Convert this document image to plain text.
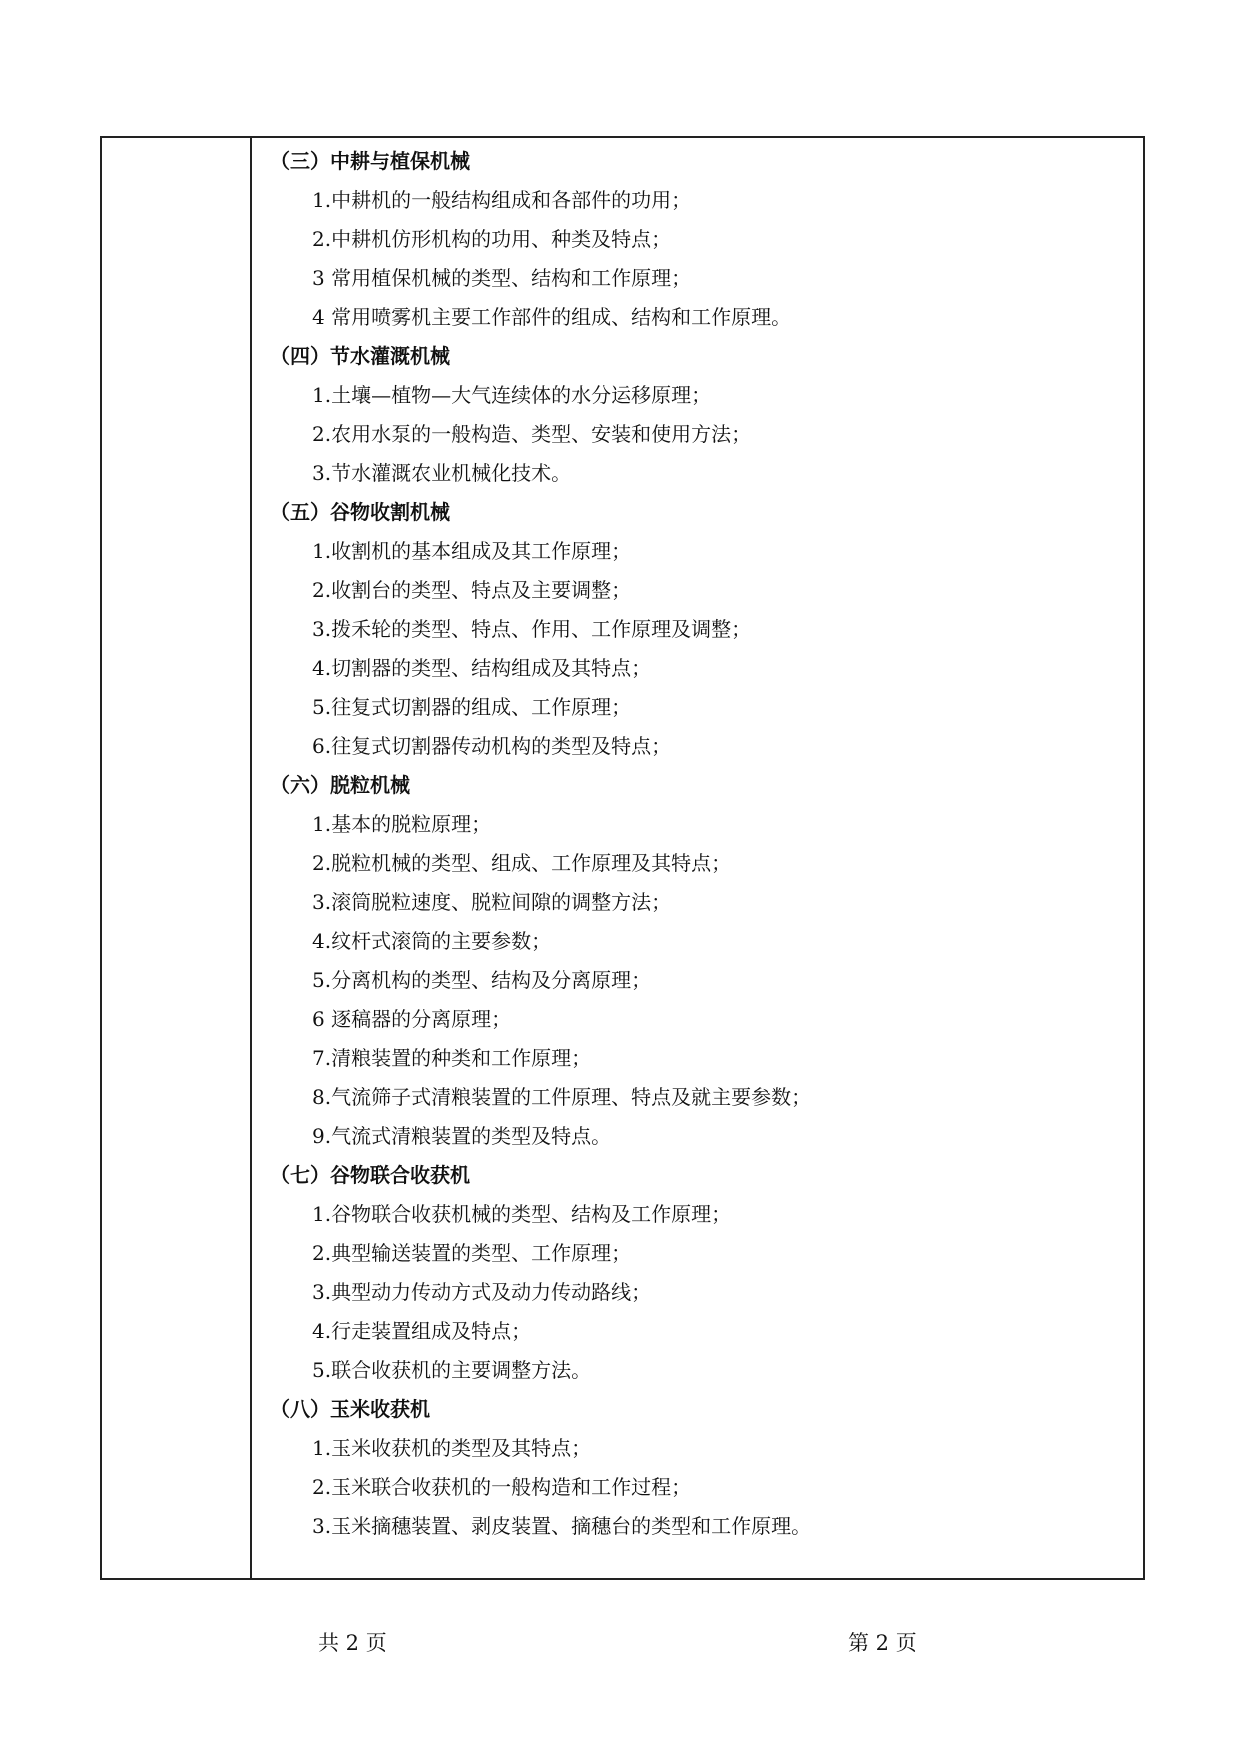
（三）中耕与植保机械
1.中耕机的一般结构组成和各部件的功用；
2.中耕机仿形机构的功用、种类及特点；
3 常用植保机械的类型、结构和工作原理；
4 常用喷雾机主要工作部件的组成、结构和工作原理。
（四）节水灌溉机械
1.土壤—植物—大气连续体的水分运移原理；
2.农用水泵的一般构造、类型、安装和使用方法；
3.节水灌溉农业机械化技术。
（五）谷物收割机械
1.收割机的基本组成及其工作原理；
2.收割台的类型、特点及主要调整；
3.拨禾轮的类型、特点、作用、工作原理及调整；
4.切割器的类型、结构组成及其特点；
5.往复式切割器的组成、工作原理；
6.往复式切割器传动机构的类型及特点；
（六）脱粒机械
1.基本的脱粒原理；
2.脱粒机械的类型、组成、工作原理及其特点；
3.滚筒脱粒速度、脱粒间隙的调整方法；
4.纹杆式滚筒的主要参数；
5.分离机构的类型、结构及分离原理；
6 逐稿器的分离原理；
7.清粮装置的种类和工作原理；
8.气流筛子式清粮装置的工件原理、特点及就主要参数；
9.气流式清粮装置的类型及特点。
（七）谷物联合收获机
1.谷物联合收获机械的类型、结构及工作原理；
2.典型输送装置的类型、工作原理；
3.典型动力传动方式及动力传动路线；
4.行走装置组成及特点；
5.联合收获机的主要调整方法。
（八）玉米收获机
1.玉米收获机的类型及其特点；
2.玉米联合收获机的一般构造和工作过程；
3.玉米摘穗装置、剥皮装置、摘穗台的类型和工作原理。
共 2 页	第 2 页
